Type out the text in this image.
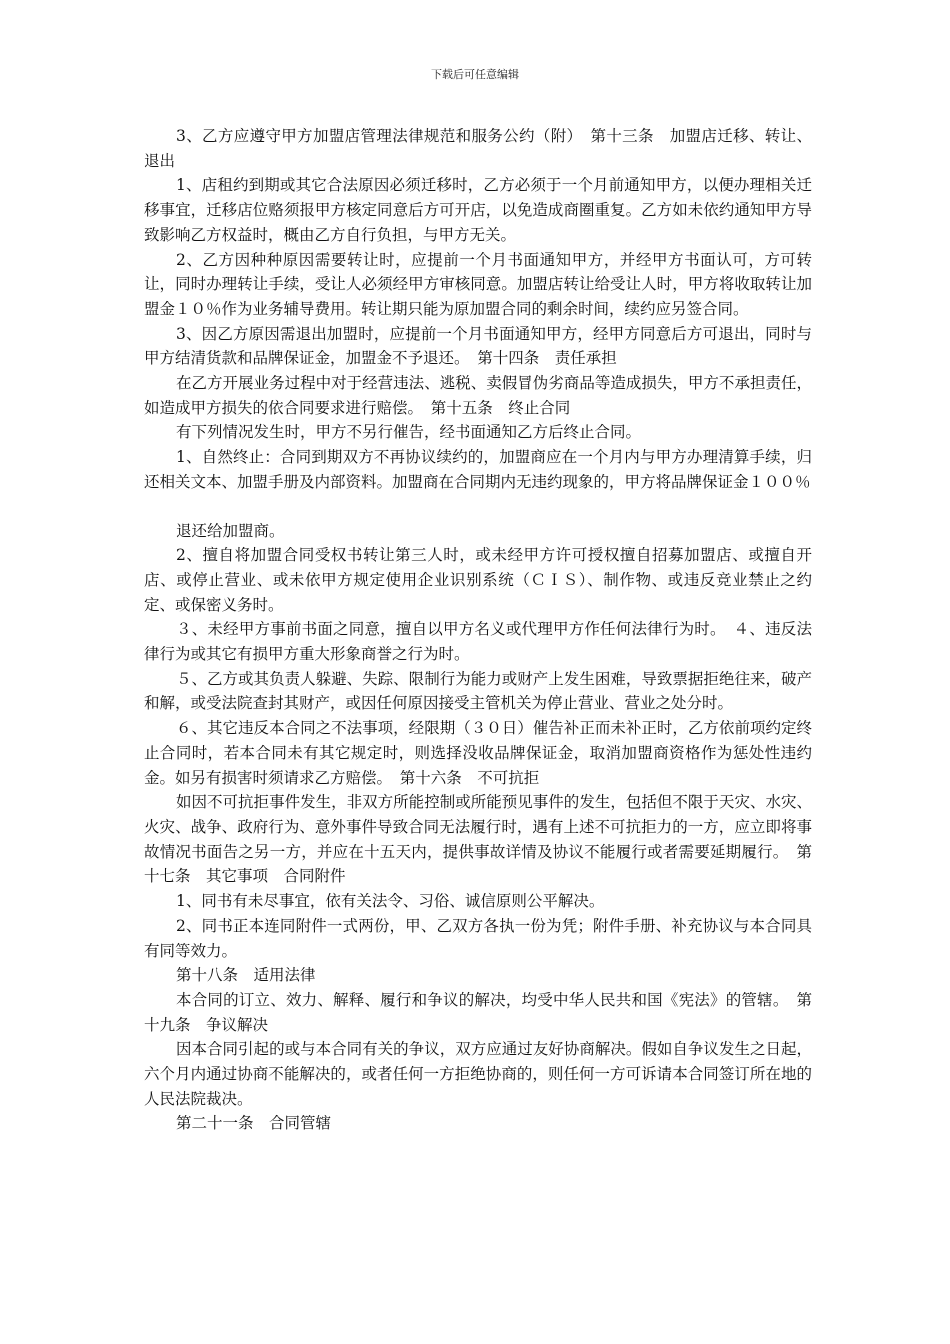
下载后可任意编辑

3、乙方应遵守甲方加盟店管理法律规范和服务公约（附）　第十三条　加盟店迁移、转让、退出

1、店租约到期或其它合法原因必须迁移时，乙方必须于一个月前通知甲方，以便办理相关迁移事宜，迁移店位赂须报甲方核定同意后方可开店，以免造成商圈重复。乙方如未依约通知甲方导致影响乙方权益时，概由乙方自行负担，与甲方无关。

2、乙方因种种原因需要转让时，应提前一个月书面通知甲方，并经甲方书面认可，方可转让，同时办理转让手续，受让人必须经甲方审核同意。加盟店转让给受让人时，甲方将收取转让加盟金１０％作为业务辅导费用。转让期只能为原加盟合同的剩余时间，续约应另签合同。

3、因乙方原因需退出加盟时，应提前一个月书面通知甲方，经甲方同意后方可退出，同时与甲方结清货款和品牌保证金，加盟金不予退还。　第十四条　责任承担

在乙方开展业务过程中对于经营违法、逃税、卖假冒伪劣商品等造成损失，甲方不承担责任，如造成甲方损失的依合同要求进行赔偿。　第十五条　终止合同

有下列情况发生时，甲方不另行催告，经书面通知乙方后终止合同。

1、自然终止：合同到期双方不再协议续约的，加盟商应在一个月内与甲方办理清算手续，归还相关文本、加盟手册及内部资料。加盟商在合同期内无违约现象的，甲方将品牌保证金１００％

退还给加盟商。

2、擅自将加盟合同受权书转让第三人时，或未经甲方许可授权擅自招募加盟店、或擅自开店、或停止营业、或未依甲方规定使用企业识别系统（ＣＩＳ）、制作物、或违反竞业禁止之约定、或保密义务时。

３、未经甲方事前书面之同意，擅自以甲方名义或代理甲方作任何法律行为时。　４、违反法律行为或其它有损甲方重大形象商誉之行为时。

５、乙方或其负责人躲避、失踪、限制行为能力或财产上发生困难，导致票据拒绝往来，破产和解，或受法院查封其财产，或因任何原因接受主管机关为停止营业、营业之处分时。

６、其它违反本合同之不法事项，经限期（３０日）催告补正而未补正时，乙方依前项约定终止合同时，若本合同未有其它规定时，则选择没收品牌保证金，取消加盟商资格作为惩处性违约金。如另有损害时须请求乙方赔偿。　第十六条　不可抗拒

如因不可抗拒事件发生，非双方所能控制或所能预见事件的发生，包括但不限于天灾、水灾、火灾、战争、政府行为、意外事件导致合同无法履行时，遇有上述不可抗拒力的一方，应立即将事故情况书面告之另一方，并应在十五天内，提供事故详情及协议不能履行或者需要延期履行。　第十七条　其它事项　合同附件

1、同书有未尽事宜，依有关法令、习俗、诚信原则公平解决。

2、同书正本连同附件一式两份，甲、乙双方各执一份为凭；附件手册、补充协议与本合同具有同等效力。

第十八条　适用法律

本合同的订立、效力、解释、履行和争议的解决，均受中华人民共和国《宪法》的管辖。　第十九条　争议解决

因本合同引起的或与本合同有关的争议，双方应通过友好协商解决。假如自争议发生之日起，六个月内通过协商不能解决的，或者任何一方拒绝协商的，则任何一方可诉请本合同签订所在地的人民法院裁决。

第二十一条　合同管辖
